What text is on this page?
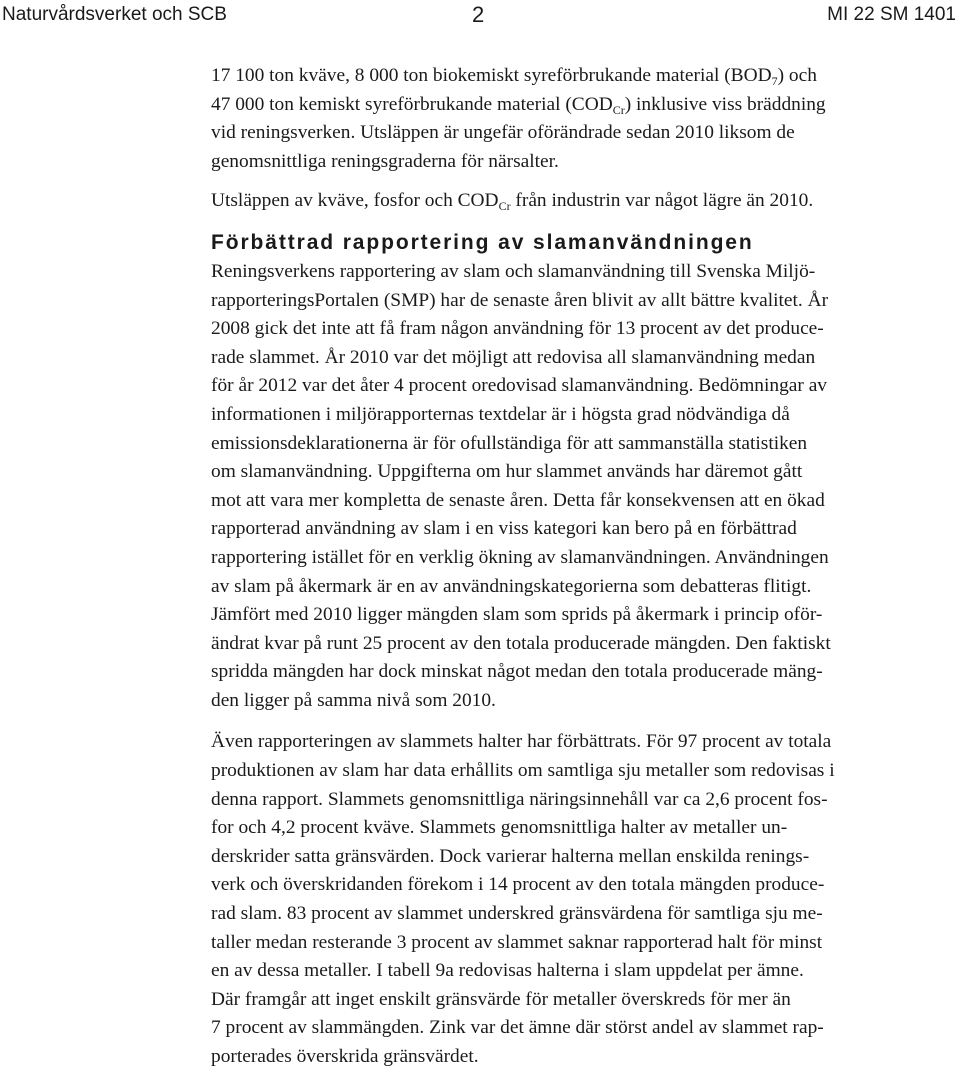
Naturvårdsverket och SCB	2	MI 22 SM 1401
17 100 ton kväve, 8 000 ton biokemiskt syreförbrukande material $(BOD_7)$ och
47 000 ton kemiskt syreförbrukande material $(COD_{Cr})$ inklusive viss bräddning
vid reningsverken. Utsläppen är ungefär oförändrade sedan 2010 liksom de
genomsnittliga reningsgraderna för närsalter.
Utsläppen av kväve, fosfor och $COD_{Cr}$ från industrin var något lägre än 2010.
Förbättrad rapportering av slamanvändningen
Reningsverkens rapportering av slam och slamanvändning till Svenska Miljö-
rapporteringsPortalen (SMP) har de senaste åren blivit av allt bättre kvalitet. År
2008 gick det inte att få fram någon användning för 13 procent av det produce-
rade slammet. År 2010 var det möjligt att redovisa all slamanvändning medan
för år 2012 var det åter 4 procent oredovisad slamanvändning. Bedömningar av
informationen i miljörapporternas textdelar är i högsta grad nödvändiga då
emissionsdeklarationerna är för ofullständiga för att sammanställa statistiken
om slamanvändning. Uppgifterna om hur slammet används har däremot gått
mot att vara mer kompletta de senaste åren. Detta får konsekvensen att en ökad
rapporterad användning av slam i en viss kategori kan bero på en förbättrad
rapportering istället för en verklig ökning av slamanvändningen. Användningen
av slam på åkermark är en av användningskategorierna som debatteras flitigt.
Jämfört med 2010 ligger mängden slam som sprids på åkermark i princip oför-
ändrat kvar på runt 25 procent av den totala producerade mängden. Den faktiskt
spridda mängden har dock minskat något medan den totala producerade mäng-
den ligger på samma nivå som 2010.
Även rapporteringen av slammets halter har förbättrats. För 97 procent av totala
produktionen av slam har data erhållits om samtliga sju metaller som redovisas i
denna rapport. Slammets genomsnittliga näringsinnehåll var ca 2,6 procent fos-
for och 4,2 procent kväve. Slammets genomsnittliga halter av metaller un-
derskrider satta gränsvärden. Dock varierar halterna mellan enskilda renings-
verk och överskridanden förekom i 14 procent av den totala mängden produce-
rad slam. 83 procent av slammet underskred gränsvärdena för samtliga sju me-
taller medan resterande 3 procent av slammet saknar rapporterad halt för minst
en av dessa metaller. I tabell 9a redovisas halterna i slam uppdelat per ämne.
Där framgår att inget enskilt gränsvärde för metaller överskreds för mer än
7 procent av slammängden. Zink var det ämne där störst andel av slammet rap-
porterades överskrida gränsvärdet.
